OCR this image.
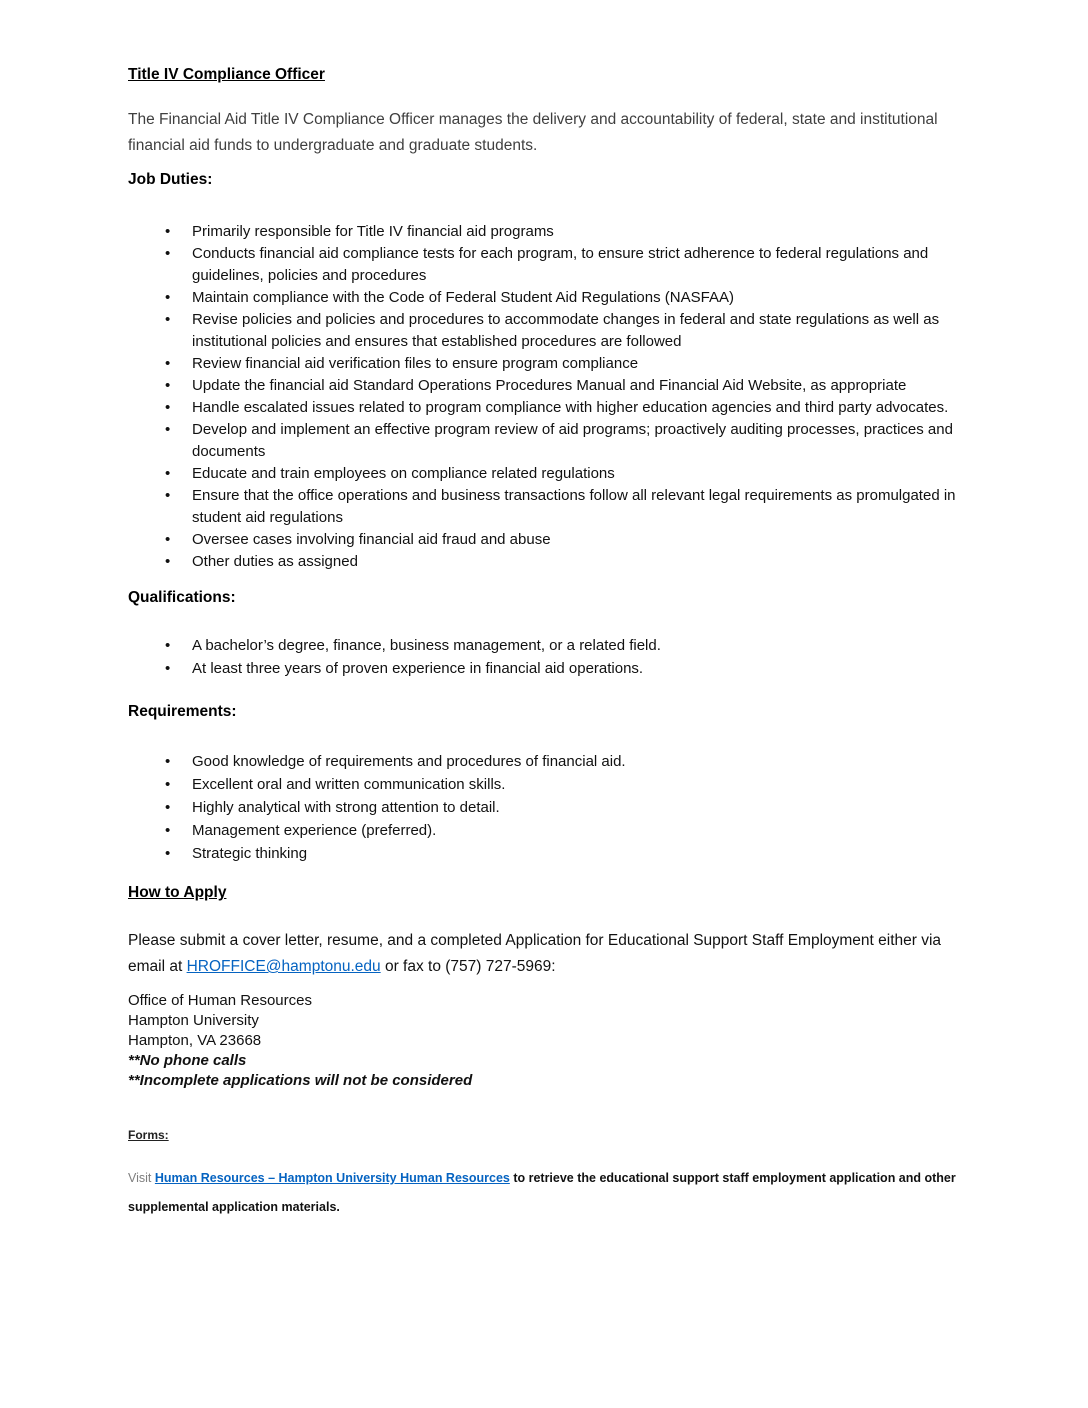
Title IV Compliance Officer

The Financial Aid Title IV Compliance Officer manages the delivery and accountability of federal, state and institutional financial aid funds to undergraduate and graduate students.

Job Duties:
• Primarily responsible for Title IV financial aid programs
• Conducts financial aid compliance tests for each program, to ensure strict adherence to federal regulations and guidelines, policies and procedures
• Maintain compliance with the Code of Federal Student Aid Regulations (NASFAA)
• Revise policies and policies and procedures to accommodate changes in federal and state regulations as well as institutional policies and ensures that established procedures are followed
• Review financial aid verification files to ensure program compliance
• Update the financial aid Standard Operations Procedures Manual and Financial Aid Website, as appropriate
• Handle escalated issues related to program compliance with higher education agencies and third party advocates.
• Develop and implement an effective program review of aid programs; proactively auditing processes, practices and documents
• Educate and train employees on compliance related regulations
• Ensure that the office operations and business transactions follow all relevant legal requirements as promulgated in student aid regulations
• Oversee cases involving financial aid fraud and abuse
• Other duties as assigned
Qualifications:
• A bachelor’s degree, finance, business management, or a related field.
• At least three years of proven experience in financial aid operations.
Requirements:
• Good knowledge of requirements and procedures of financial aid.
• Excellent oral and written communication skills.
• Highly analytical with strong attention to detail.
• Management experience (preferred).
• Strategic thinking
How to Apply

Please submit a cover letter, resume, and a completed Application for Educational Support Staff Employment either via email at HROFFICE@hamptonu.edu or fax to (757) 727-5969:

Office of Human Resources

Hampton University

Hampton, VA 23668

**No phone calls

**Incomplete applications will not be considered

Forms:

Visit Human Resources – Hampton University Human Resources to retrieve the educational support staff employment application and other supplemental application materials.
